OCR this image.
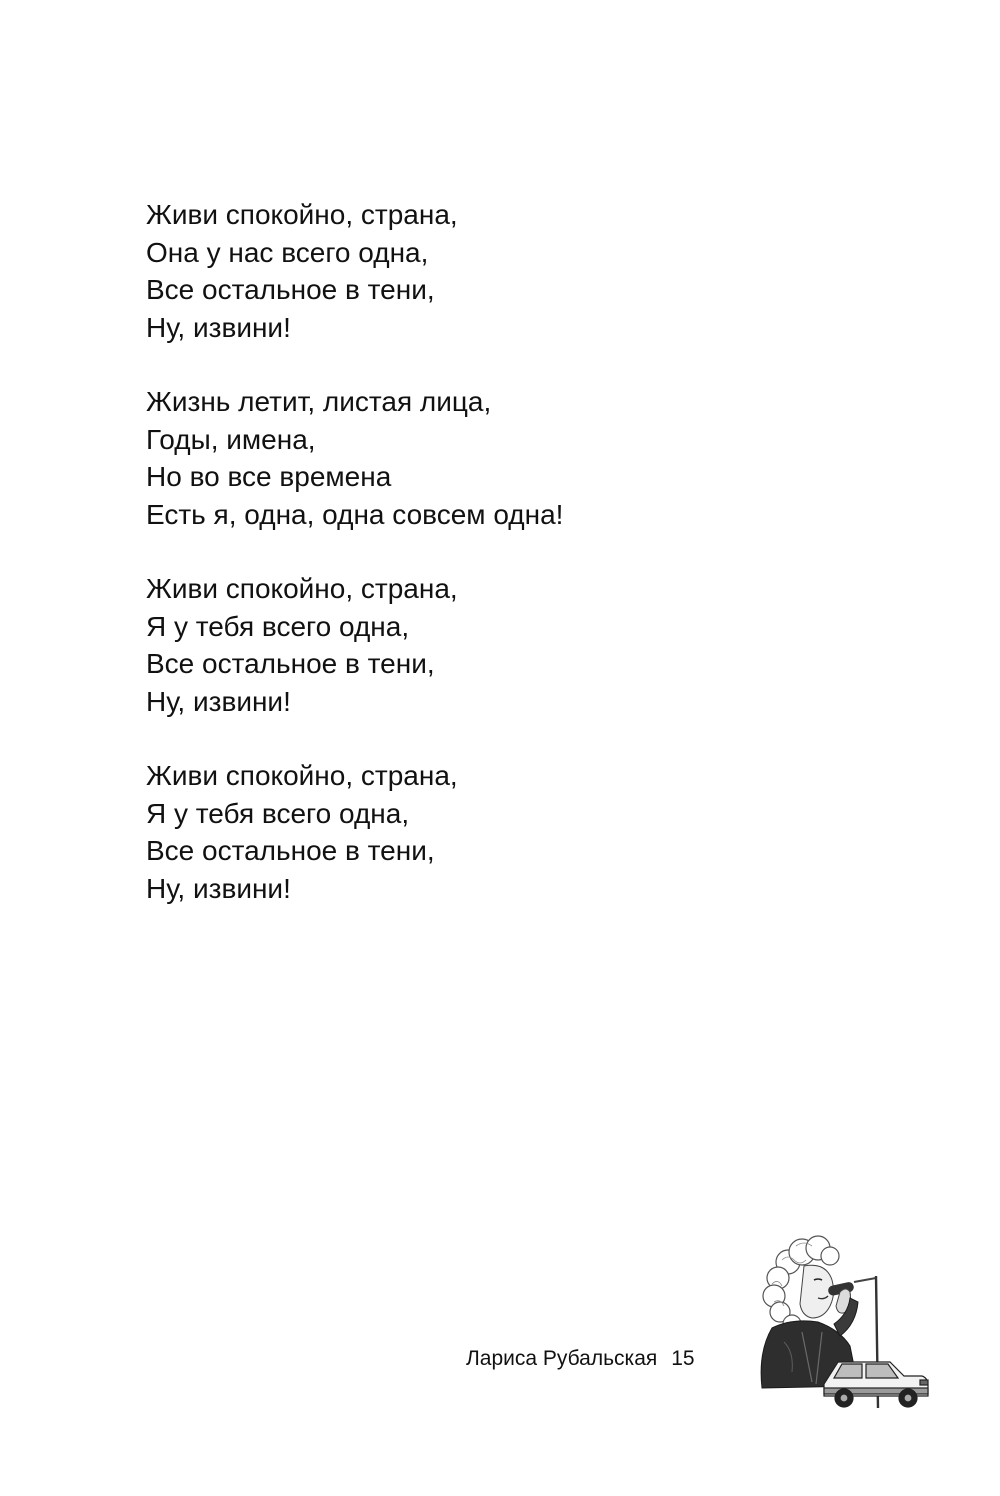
Живи спокойно, страна,
Она у нас всего одна,
Все остальное в тени,
Ну, извини!
Жизнь летит, листая лица,
Годы, имена,
Но во все времена
Есть я, одна, одна совсем одна!
Живи спокойно, страна,
Я у тебя всего одна,
Все остальное в тени,
Ну, извини!
Живи спокойно, страна,
Я у тебя всего одна,
Все остальное в тени,
Ну, извини!
Лариса Рубальская 15
